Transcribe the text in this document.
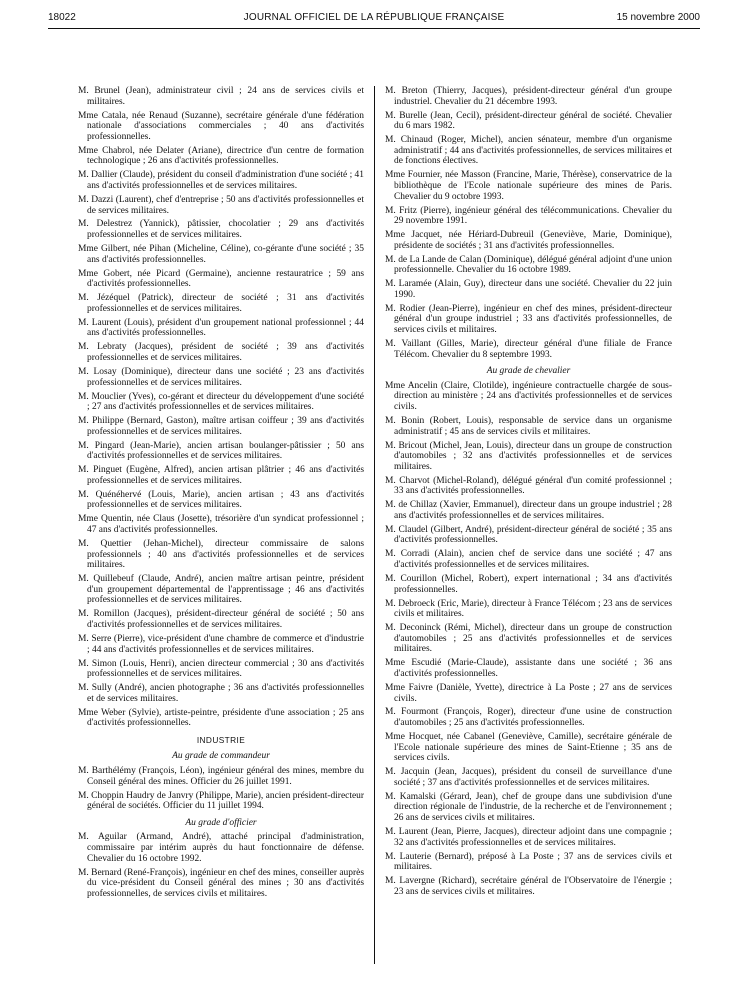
18022	JOURNAL OFFICIEL DE LA RÉPUBLIQUE FRANÇAISE	15 novembre 2000

M. Brunel (Jean), administrateur civil ; 24 ans de services civils et militaires.

Mme Catala, née Renaud (Suzanne), secrétaire générale d'une fédération nationale d'associations commerciales ; 40 ans d'activités professionnelles.

Mme Chabrol, née Delater (Ariane), directrice d'un centre de formation technologique ; 26 ans d'activités professionnelles.

M. Dallier (Claude), président du conseil d'administration d'une société ; 41 ans d'activités professionnelles et de services militaires.

M. Dazzi (Laurent), chef d'entreprise ; 50 ans d'activités professionnelles et de services militaires.

M. Delestrez (Yannick), pâtissier, chocolatier ; 29 ans d'activités professionnelles et de services militaires.

Mme Gilbert, née Pihan (Micheline, Céline), co-gérante d'une société ; 35 ans d'activités professionnelles.

Mme Gobert, née Picard (Germaine), ancienne restauratrice ; 59 ans d'activités professionnelles.

M. Jézéquel (Patrick), directeur de société ; 31 ans d'activités professionnelles et de services militaires.

M. Laurent (Louis), président d'un groupement national professionnel ; 44 ans d'activités professionnelles.

M. Lebraty (Jacques), président de société ; 39 ans d'activités professionnelles et de services militaires.

M. Losay (Dominique), directeur dans une société ; 23 ans d'activités professionnelles et de services militaires.

M. Mouclier (Yves), co-gérant et directeur du développement d'une société ; 27 ans d'activités professionnelles et de services militaires.

M. Philippe (Bernard, Gaston), maître artisan coiffeur ; 39 ans d'activités professionnelles et de services militaires.

M. Pingard (Jean-Marie), ancien artisan boulanger-pâtissier ; 50 ans d'activités professionnelles et de services militaires.

M. Pinguet (Eugène, Alfred), ancien artisan plâtrier ; 46 ans d'activités professionnelles et de services militaires.

M. Quénéhervé (Louis, Marie), ancien artisan ; 43 ans d'activités professionnelles et de services militaires.

Mme Quentin, née Claus (Josette), trésorière d'un syndicat professionnel ; 47 ans d'activités professionnelles.

M. Quettier (Jehan-Michel), directeur commissaire de salons professionnels ; 40 ans d'activités professionnelles et de services militaires.

M. Quillebeuf (Claude, André), ancien maître artisan peintre, président d'un groupement départemental de l'apprentissage ; 46 ans d'activités professionnelles et de services militaires.

M. Romillon (Jacques), président-directeur général de société ; 50 ans d'activités professionnelles et de services militaires.

M. Serre (Pierre), vice-président d'une chambre de commerce et d'industrie ; 44 ans d'activités professionnelles et de services militaires.

M. Simon (Louis, Henri), ancien directeur commercial ; 30 ans d'activités professionnelles et de services militaires.

M. Sully (André), ancien photographe ; 36 ans d'activités professionnelles et de services militaires.

Mme Weber (Sylvie), artiste-peintre, présidente d'une association ; 25 ans d'activités professionnelles.

INDUSTRIE
Au grade de commandeur

M. Barthélémy (François, Léon), ingénieur général des mines, membre du Conseil général des mines. Officier du 26 juillet 1991.

M. Choppin Haudry de Janvry (Philippe, Marie), ancien président-directeur général de sociétés. Officier du 11 juillet 1994.

Au grade d'officier

M. Aguilar (Armand, André), attaché principal d'administration, commissaire par intérim auprès du haut fonctionnaire de défense. Chevalier du 16 octobre 1992.

M. Bernard (René-François), ingénieur en chef des mines, conseiller auprès du vice-président du Conseil général des mines ; 30 ans d'activités professionnelles, de services civils et militaires.

M. Breton (Thierry, Jacques), président-directeur général d'un groupe industriel. Chevalier du 21 décembre 1993.

M. Burelle (Jean, Cecil), président-directeur général de société. Chevalier du 6 mars 1982.

M. Chinaud (Roger, Michel), ancien sénateur, membre d'un organisme administratif ; 44 ans d'activités professionnelles, de services militaires et de fonctions électives.

Mme Fournier, née Masson (Francine, Marie, Thérèse), conservatrice de la bibliothèque de l'Ecole nationale supérieure des mines de Paris. Chevalier du 9 octobre 1993.

M. Fritz (Pierre), ingénieur général des télécommunications. Chevalier du 29 novembre 1991.

Mme Jacquet, née Hériard-Dubreuil (Geneviève, Marie, Dominique), présidente de sociétés ; 31 ans d'activités professionnelles.

M. de La Lande de Calan (Dominique), délégué général adjoint d'une union professionnelle. Chevalier du 16 octobre 1989.

M. Laramée (Alain, Guy), directeur dans une société. Chevalier du 22 juin 1990.

M. Rodier (Jean-Pierre), ingénieur en chef des mines, président-directeur général d'un groupe industriel ; 33 ans d'activités professionnelles, de services civils et militaires.

M. Vaillant (Gilles, Marie), directeur général d'une filiale de France Télécom. Chevalier du 8 septembre 1993.

Au grade de chevalier

Mme Ancelin (Claire, Clotilde), ingénieure contractuelle chargée de sous-direction au ministère ; 24 ans d'activités professionnelles et de services civils.

M. Bonin (Robert, Louis), responsable de service dans un organisme administratif ; 45 ans de services civils et militaires.

M. Bricout (Michel, Jean, Louis), directeur dans un groupe de construction d'automobiles ; 32 ans d'activités professionnelles et de services militaires.

M. Charvot (Michel-Roland), délégué général d'un comité professionnel ; 33 ans d'activités professionnelles.

M. de Chillaz (Xavier, Emmanuel), directeur dans un groupe industriel ; 28 ans d'activités professionnelles et de services militaires.

M. Claudel (Gilbert, André), président-directeur général de société ; 35 ans d'activités professionnelles.

M. Corradi (Alain), ancien chef de service dans une société ; 47 ans d'activités professionnelles et de services militaires.

M. Courillon (Michel, Robert), expert international ; 34 ans d'activités professionnelles.

M. Debroeck (Eric, Marie), directeur à France Télécom ; 23 ans de services civils et militaires.

M. Deconinck (Rémi, Michel), directeur dans un groupe de construction d'automobiles ; 25 ans d'activités professionnelles et de services militaires.

Mme Escudié (Marie-Claude), assistante dans une société ; 36 ans d'activités professionnelles.

Mme Faivre (Danièle, Yvette), directrice à La Poste ; 27 ans de services civils.

M. Fourmont (François, Roger), directeur d'une usine de construction d'automobiles ; 25 ans d'activités professionnelles.

Mme Hocquet, née Cabanel (Geneviève, Camille), secrétaire générale de l'Ecole nationale supérieure des mines de Saint-Etienne ; 35 ans de services civils.

M. Jacquin (Jean, Jacques), président du conseil de surveillance d'une société ; 37 ans d'activités professionnelles et de services militaires.

M. Kamalski (Gérard, Jean), chef de groupe dans une subdivision d'une direction régionale de l'industrie, de la recherche et de l'environnement ; 26 ans de services civils et militaires.

M. Laurent (Jean, Pierre, Jacques), directeur adjoint dans une compagnie ; 32 ans d'activités professionnelles et de services militaires.

M. Lauterie (Bernard), préposé à La Poste ; 37 ans de services civils et militaires.

M. Lavergne (Richard), secrétaire général de l'Observatoire de l'énergie ; 23 ans de services civils et militaires.
